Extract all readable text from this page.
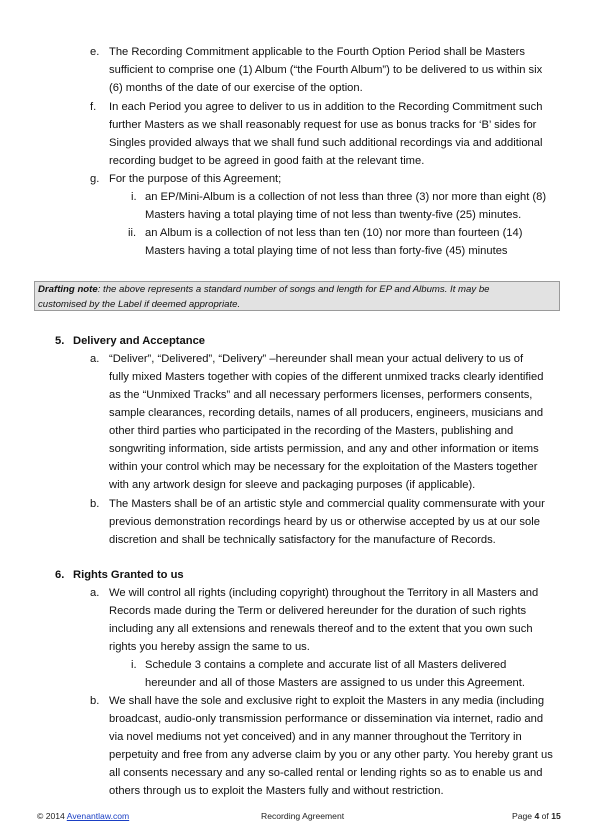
e. The Recording Commitment applicable to the Fourth Option Period shall be Masters
sufficient to comprise one (1) Album (“the Fourth Album”) to be delivered to us within six
(6) months of the date of our exercise of the option.
f. In each Period you agree to deliver to us in addition to the Recording Commitment such
further Masters as we shall reasonably request for use as bonus tracks for ‘B’ sides for
Singles provided always that we shall fund such additional recordings via and additional
recording budget to be agreed in good faith at the relevant time.
g. For the purpose of this Agreement;
i. an EP/Mini-Album is a collection of not less than three (3) nor more than eight (8)
Masters having a total playing time of not less than twenty-five (25) minutes.
ii. an Album is a collection of not less than ten (10) nor more than fourteen (14)
Masters having a total playing time of not less than forty-five (45) minutes
Drafting note: the above represents a standard number of songs and length for EP and Albums. It may be
customised by the Label if deemed appropriate.
5. Delivery and Acceptance
a. “Deliver”, “Delivered”, “Delivery” –hereunder shall mean your actual delivery to us of
fully mixed Masters together with copies of the different unmixed tracks clearly identified
as the “Unmixed Tracks” and all necessary performers licenses, performers consents,
sample clearances, recording details, names of all producers, engineers, musicians and
other third parties who participated in the recording of the Masters, publishing and
songwriting information, side artists permission, and any and other information or items
within your control which may be necessary for the exploitation of the Masters together
with any artwork design for sleeve and packaging purposes (if applicable).
b. The Masters shall be of an artistic style and commercial quality commensurate with your
previous demonstration recordings heard by us or otherwise accepted by us at our sole
discretion and shall be technically satisfactory for the manufacture of Records.
6. Rights Granted to us
a. We will control all rights (including copyright) throughout the Territory in all Masters and
Records made during the Term or delivered hereunder for the duration of such rights
including any all extensions and renewals thereof and to the extent that you own such
rights you hereby assign the same to us.
i. Schedule 3 contains a complete and accurate list of all Masters delivered
hereunder and all of those Masters are assigned to us under this Agreement.
b. We shall have the sole and exclusive right to exploit the Masters in any media (including
broadcast, audio-only transmission performance or dissemination via internet, radio and
via novel mediums not yet conceived) and in any manner throughout the Territory in
perpetuity and free from any adverse claim by you or any other party. You hereby grant us
all consents necessary and any so-called rental or lending rights so as to enable us and
others through us to exploit the Masters fully and without restriction.
© 2014 Avenantlaw.com	Recording Agreement	Page 4 of 15
